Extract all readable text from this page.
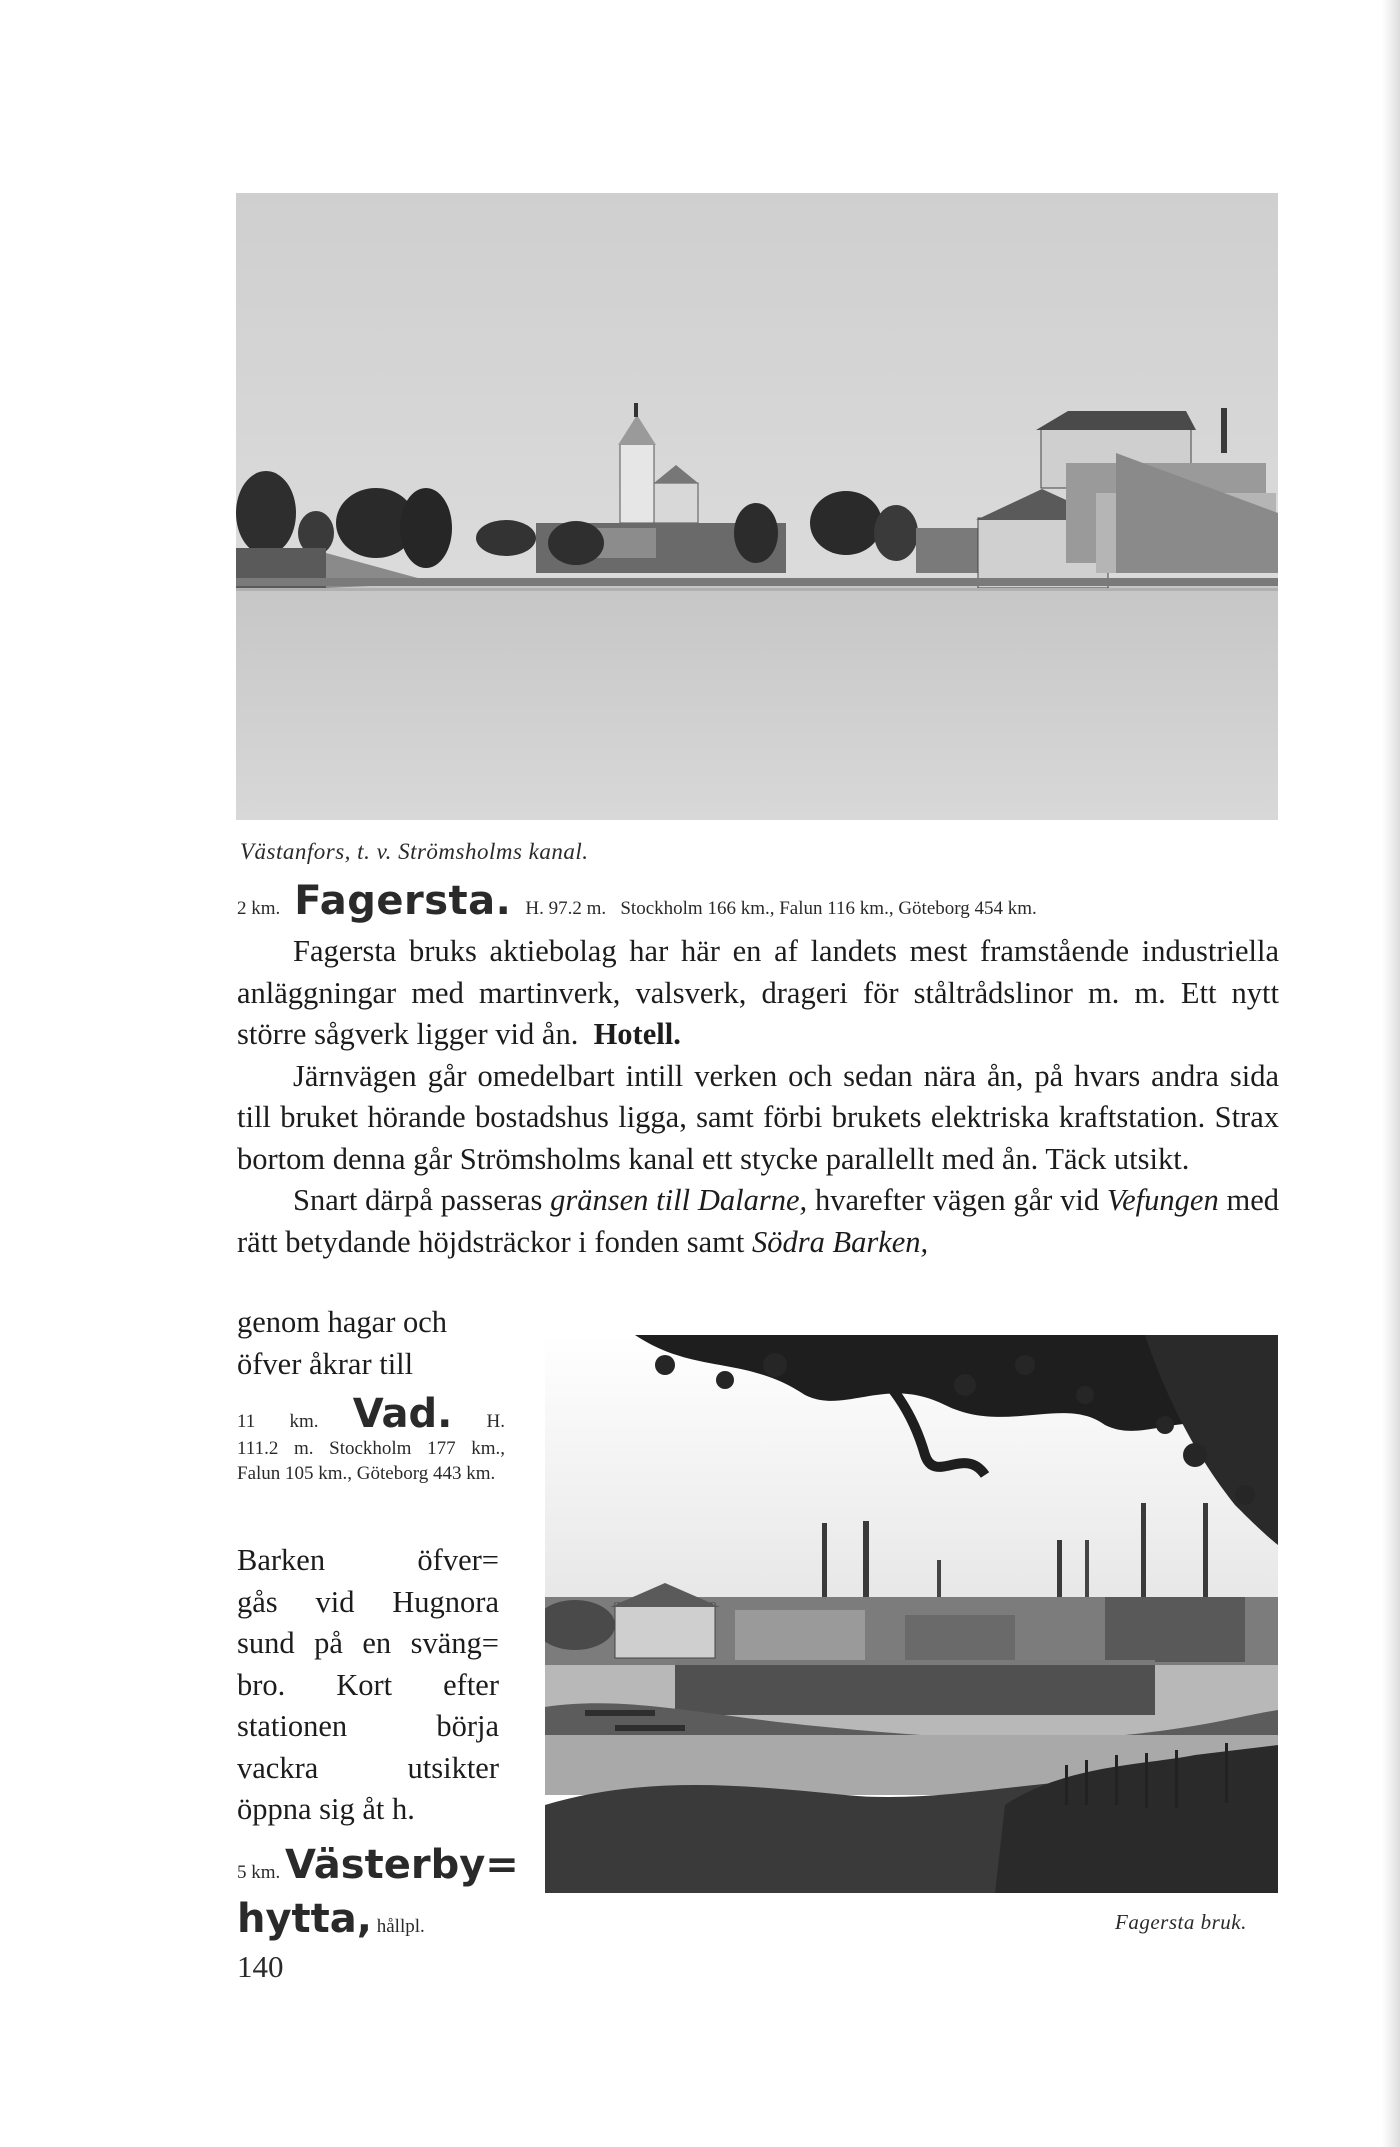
Västanfors, t. v. Strömsholms kanal.
2 km. Fagersta. H. 97.2 m.   Stockholm 166 km., Falun 116 km., Göteborg 454 km.

Fagersta bruks aktiebolag har här en af landets mest framstående industriella anläggningar med martinverk, valsverk, drageri för ståltrådslinor m. m. Ett nytt större sågverk ligger vid ån. Hotell.

Järnvägen går omedelbart intill verken och sedan nära ån, på hvars andra sida till bruket hörande bostadshus ligga, samt förbi brukets elektriska kraftstation. Strax bortom denna går Strömsholms kanal ett stycke parallellt med ån. Täck utsikt.

Snart därpå passeras gränsen till Dalarne, hvarefter vägen går vid Vefungen med rätt betydande höjdsträckor i fonden samt Södra Barken,

genom hagar och
öfver åkrar till
11 km. Vad. H.
111.2 m. Stockholm 177 km., Falun 105 km., Göteborg 443 km.
Barken öfver=
gås vid Hugnora
sund på en sväng=
bro. Kort efter
stationen börja
vackra utsikter
öppna sig åt h.
5 km. Västerby=
hytta, hållpl.	Fagersta bruk.
140
